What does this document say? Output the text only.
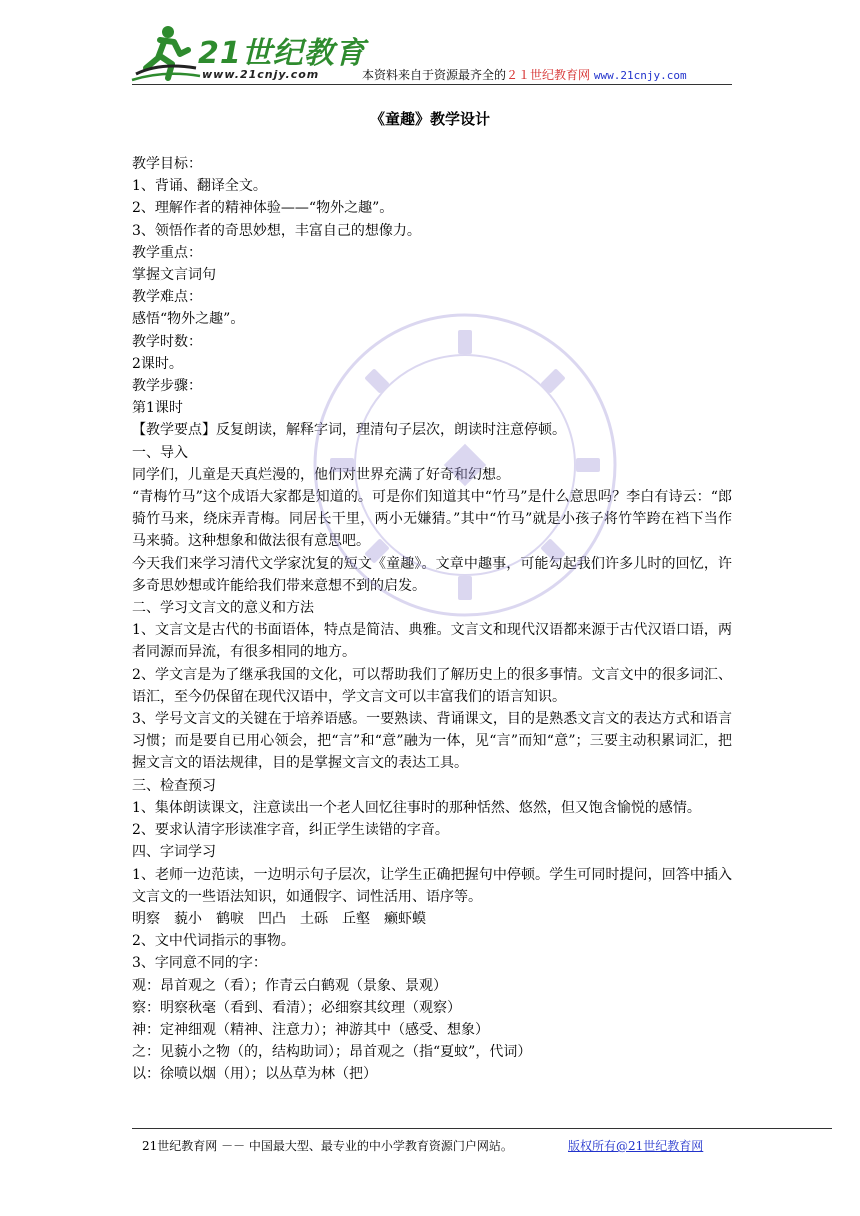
21世纪教育
www.21cnjy.com	本资料来自于资源最齐全的２１世纪教育网 www.21cnjy.com
《童趣》教学设计

教学目标：

1、背诵、翻译全文。

2、理解作者的精神体验——“物外之趣”。

3、领悟作者的奇思妙想，丰富自己的想像力。

教学重点：

掌握文言词句

教学难点：

感悟“物外之趣”。

教学时数：

2课时。

教学步骤：

第1课时

【教学要点】反复朗读，解释字词，理清句子层次，朗读时注意停顿。

一、导入

同学们，儿童是天真烂漫的，他们对世界充满了好奇和幻想。

“青梅竹马”这个成语大家都是知道的。可是你们知道其中“竹马”是什么意思吗？李白有诗云：“郎骑竹马来，绕床弄青梅。同居长干里，两小无嫌猜。”其中“竹马”就是小孩子将竹竿跨在裆下当作马来骑。这种想象和做法很有意思吧。

今天我们来学习清代文学家沈复的短文《童趣》。文章中趣事，可能勾起我们许多儿时的回忆，许多奇思妙想或许能给我们带来意想不到的启发。

二、学习文言文的意义和方法

1、文言文是古代的书面语体，特点是简洁、典雅。文言文和现代汉语都来源于古代汉语口语，两者同源而异流，有很多相同的地方。

2、学文言是为了继承我国的文化，可以帮助我们了解历史上的很多事情。文言文中的很多词汇、语汇，至今仍保留在现代汉语中，学文言文可以丰富我们的语言知识。

3、学号文言文的关键在于培养语感。一要熟读、背诵课文，目的是熟悉文言文的表达方式和语言习惯；而是要自已用心领会，把“言”和“意”融为一体，见“言”而知“意”；三要主动积累词汇，把握文言文的语法规律，目的是掌握文言文的表达工具。

三、检查预习

1、集体朗读课文，注意读出一个老人回忆往事时的那种恬然、悠然，但又饱含愉悦的感情。

2、要求认清字形读准字音，纠正学生读错的字音。

四、字词学习

1、老师一边范读，一边明示句子层次，让学生正确把握句中停顿。学生可同时提问，回答中插入文言文的一些语法知识，如通假字、词性活用、语序等。

明察　藐小　鹤唳　凹凸　土砾　丘壑　癞虾蟆

2、文中代词指示的事物。

3、字同意不同的字：

观：昂首观之（看）；作青云白鹤观（景象、景观）

察：明察秋毫（看到、看清）；必细察其纹理（观察）

神：定神细观（精神、注意力）；神游其中（感受、想象）

之：见藐小之物（的，结构助词）；昂首观之（指“夏蚊”，代词）

以：徐喷以烟（用）；以丛草为林（把）

21世纪教育网 －－ 中国最大型、最专业的中小学教育资源门户网站。	版权所有@21世纪教育网
